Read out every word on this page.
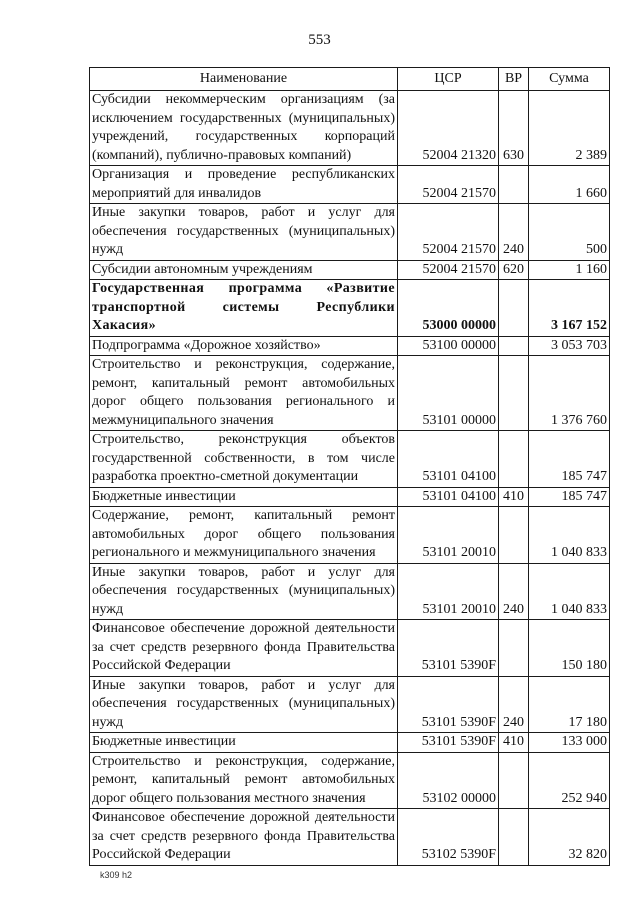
553
Наименование	ЦСР	ВР	Сумма
Субсидии некоммерческим организациям (за исключением государственных (муниципальных) учреждений, государственных корпораций (компаний), публично-правовых компаний)	52004 21320	630	2 389
Организация и проведение республиканских мероприятий для инвалидов	52004 21570		1 660
Иные закупки товаров, работ и услуг для обеспечения государственных (муниципальных) нужд	52004 21570	240	500
Субсидии автономным учреждениям	52004 21570	620	1 160
Государственная программа «Развитие транспортной системы Республики Хакасия»	53000 00000		3 167 152
Подпрограмма «Дорожное хозяйство»	53100 00000		3 053 703
Строительство и реконструкция, содержание, ремонт, капитальный ремонт автомобильных дорог общего пользования регионального и межмуниципального значения	53101 00000		1 376 760
Строительство, реконструкция объектов государственной собственности, в том числе разработка проектно-сметной документации	53101 04100		185 747
Бюджетные инвестиции	53101 04100	410	185 747
Содержание, ремонт, капитальный ремонт автомобильных дорог общего пользования регионального и межмуниципального значения	53101 20010		1 040 833
Иные закупки товаров, работ и услуг для обеспечения государственных (муниципальных) нужд	53101 20010	240	1 040 833
Финансовое обеспечение дорожной деятельности за счет средств резервного фонда Правительства Российской Федерации	53101 5390F		150 180
Иные закупки товаров, работ и услуг для обеспечения государственных (муниципальных) нужд	53101 5390F	240	17 180
Бюджетные инвестиции	53101 5390F	410	133 000
Строительство и реконструкция, содержание, ремонт, капитальный ремонт автомобильных дорог общего пользования местного значения	53102 00000		252 940
Финансовое обеспечение дорожной деятельности за счет средств резервного фонда Правительства Российской Федерации	53102 5390F		32 820
k309 h2
